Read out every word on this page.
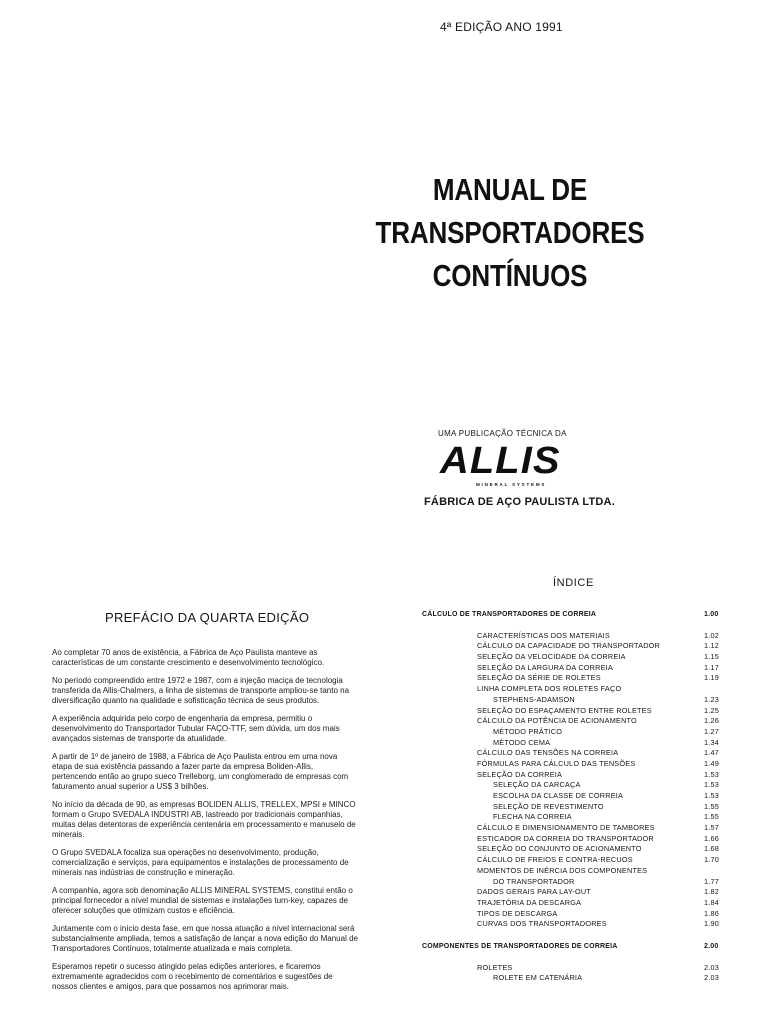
4ª EDIÇÃO ANO 1991
MANUAL DE
TRANSPORTADORES
CONTÍNUOS
UMA PUBLICAÇÃO TÉCNICA DA
ALLIS
MINERAL SYSTEMS
FÁBRICA DE AÇO PAULISTA LTDA.
PREFÁCIO DA QUARTA EDIÇÃO

Ao completar 70 anos de existência, a Fábrica de Aço Paulista manteve as características de um constante crescimento e desenvolvimento tecnológico.

No período compreendido entre 1972 e 1987, com a injeção maciça de tecnologia transferida da Allis-Chalmers, a linha de sistemas de transporte ampliou-se tanto na diversificação quanto na qualidade e sofisticação técnica de seus produtos.

A experiência adquirida pelo corpo de engenharia da empresa, permitiu o desenvolvimento do Transportador Tubular FAÇO-TTF, sem dúvida, um dos mais avançados sistemas de transporte da atualidade.

A partir de 1º de janeiro de 1988, a Fábrica de Aço Paulista entrou em uma nova etapa de sua existência passando a fazer parte da empresa Boliden-Allis, pertencendo então ao grupo sueco Trelleborg, um conglomerado de empresas com faturamento anual superior a US$ 3 bilhões.

No início da década de 90, as empresas BOLIDEN ALLIS, TRELLEX, MPSI e MINCO formam o Grupo SVEDALA INDUSTRI AB, lastreado por tradicionais companhias, muitas delas detentoras de experiência centenária em processamento e manuseio de minerais.

O Grupo SVEDALA focaliza sua operações no desenvolvimento, produção, comercialização e serviços, para equipamentos e instalações de processamento de minerais nas indústrias de construção e mineração.

A companhia, agora sob denominação ALLIS MINERAL SYSTEMS, constitui então o principal fornecedor a nível mundial de sistemas e instalações turn-key, capazes de oferecer soluções que otimizam custos e eficiência.

Juntamente com o início desta fase, em que nossa atuação a nível internacional será substancialmente ampliada, temos a satisfação de lançar a nova edição do Manual de Transportadores Contínuos, totalmente atualizada e mais completa.

Esperamos repetir o sucesso atingido pelas edições anteriores, e ficaremos extremamente agradecidos com o recebimento de comentários e sugestões de nossos clientes e amigos, para que possamos nos aprimorar mais.

ÍNDICE
CÁLCULO DE TRANSPORTADORES DE CORREIA	1.00
CARACTERÍSTICAS DOS MATERIAIS	1.02
CÁLCULO DA CAPACIDADE DO TRANSPORTADOR	1.12
SELEÇÃO DA VELOCIDADE DA CORREIA	1.15
SELEÇÃO DA LARGURA DA CORREIA	1.17
SELEÇÃO DA SÉRIE DE ROLETES	1.19
LINHA COMPLETA DOS ROLETES FAÇO
STEPHENS-ADAMSON	1.23
SELEÇÃO DO ESPAÇAMENTO ENTRE ROLETES	1.25
CÁLCULO DA POTÊNCIA DE ACIONAMENTO	1.26
MÉTODO PRÁTICO	1.27
MÉTODO CEMA	1.34
CÁLCULO DAS TENSÕES NA CORREIA	1.47
FÓRMULAS PARA CÁLCULO DAS TENSÕES	1.49
SELEÇÃO DA CORREIA	1.53
SELEÇÃO DA CARCAÇA	1.53
ESCOLHA DA CLASSE DE CORREIA	1.53
SELEÇÃO DE REVESTIMENTO	1.55
FLECHA NA CORREIA	1.55
CÁLCULO E DIMENSIONAMENTO DE TAMBORES	1.57
ESTICADOR DA CORREIA DO TRANSPORTADOR	1.66
SELEÇÃO DO CONJUNTO DE ACIONAMENTO	1.68
CÁLCULO DE FREIOS E CONTRA-RECUOS	1.70
MOMENTOS DE INÉRCIA DOS COMPONENTES
DO TRANSPORTADOR	1.77
DADOS GERAIS PARA LAY-OUT	1.82
TRAJETÓRIA DA DESCARGA	1.84
TIPOS DE DESCARGA	1.86
CURVAS DOS TRANSPORTADORES	1.90
COMPONENTES DE TRANSPORTADORES DE CORREIA	2.00
ROLETES	2.03
ROLETE EM CATENÁRIA	2.03
